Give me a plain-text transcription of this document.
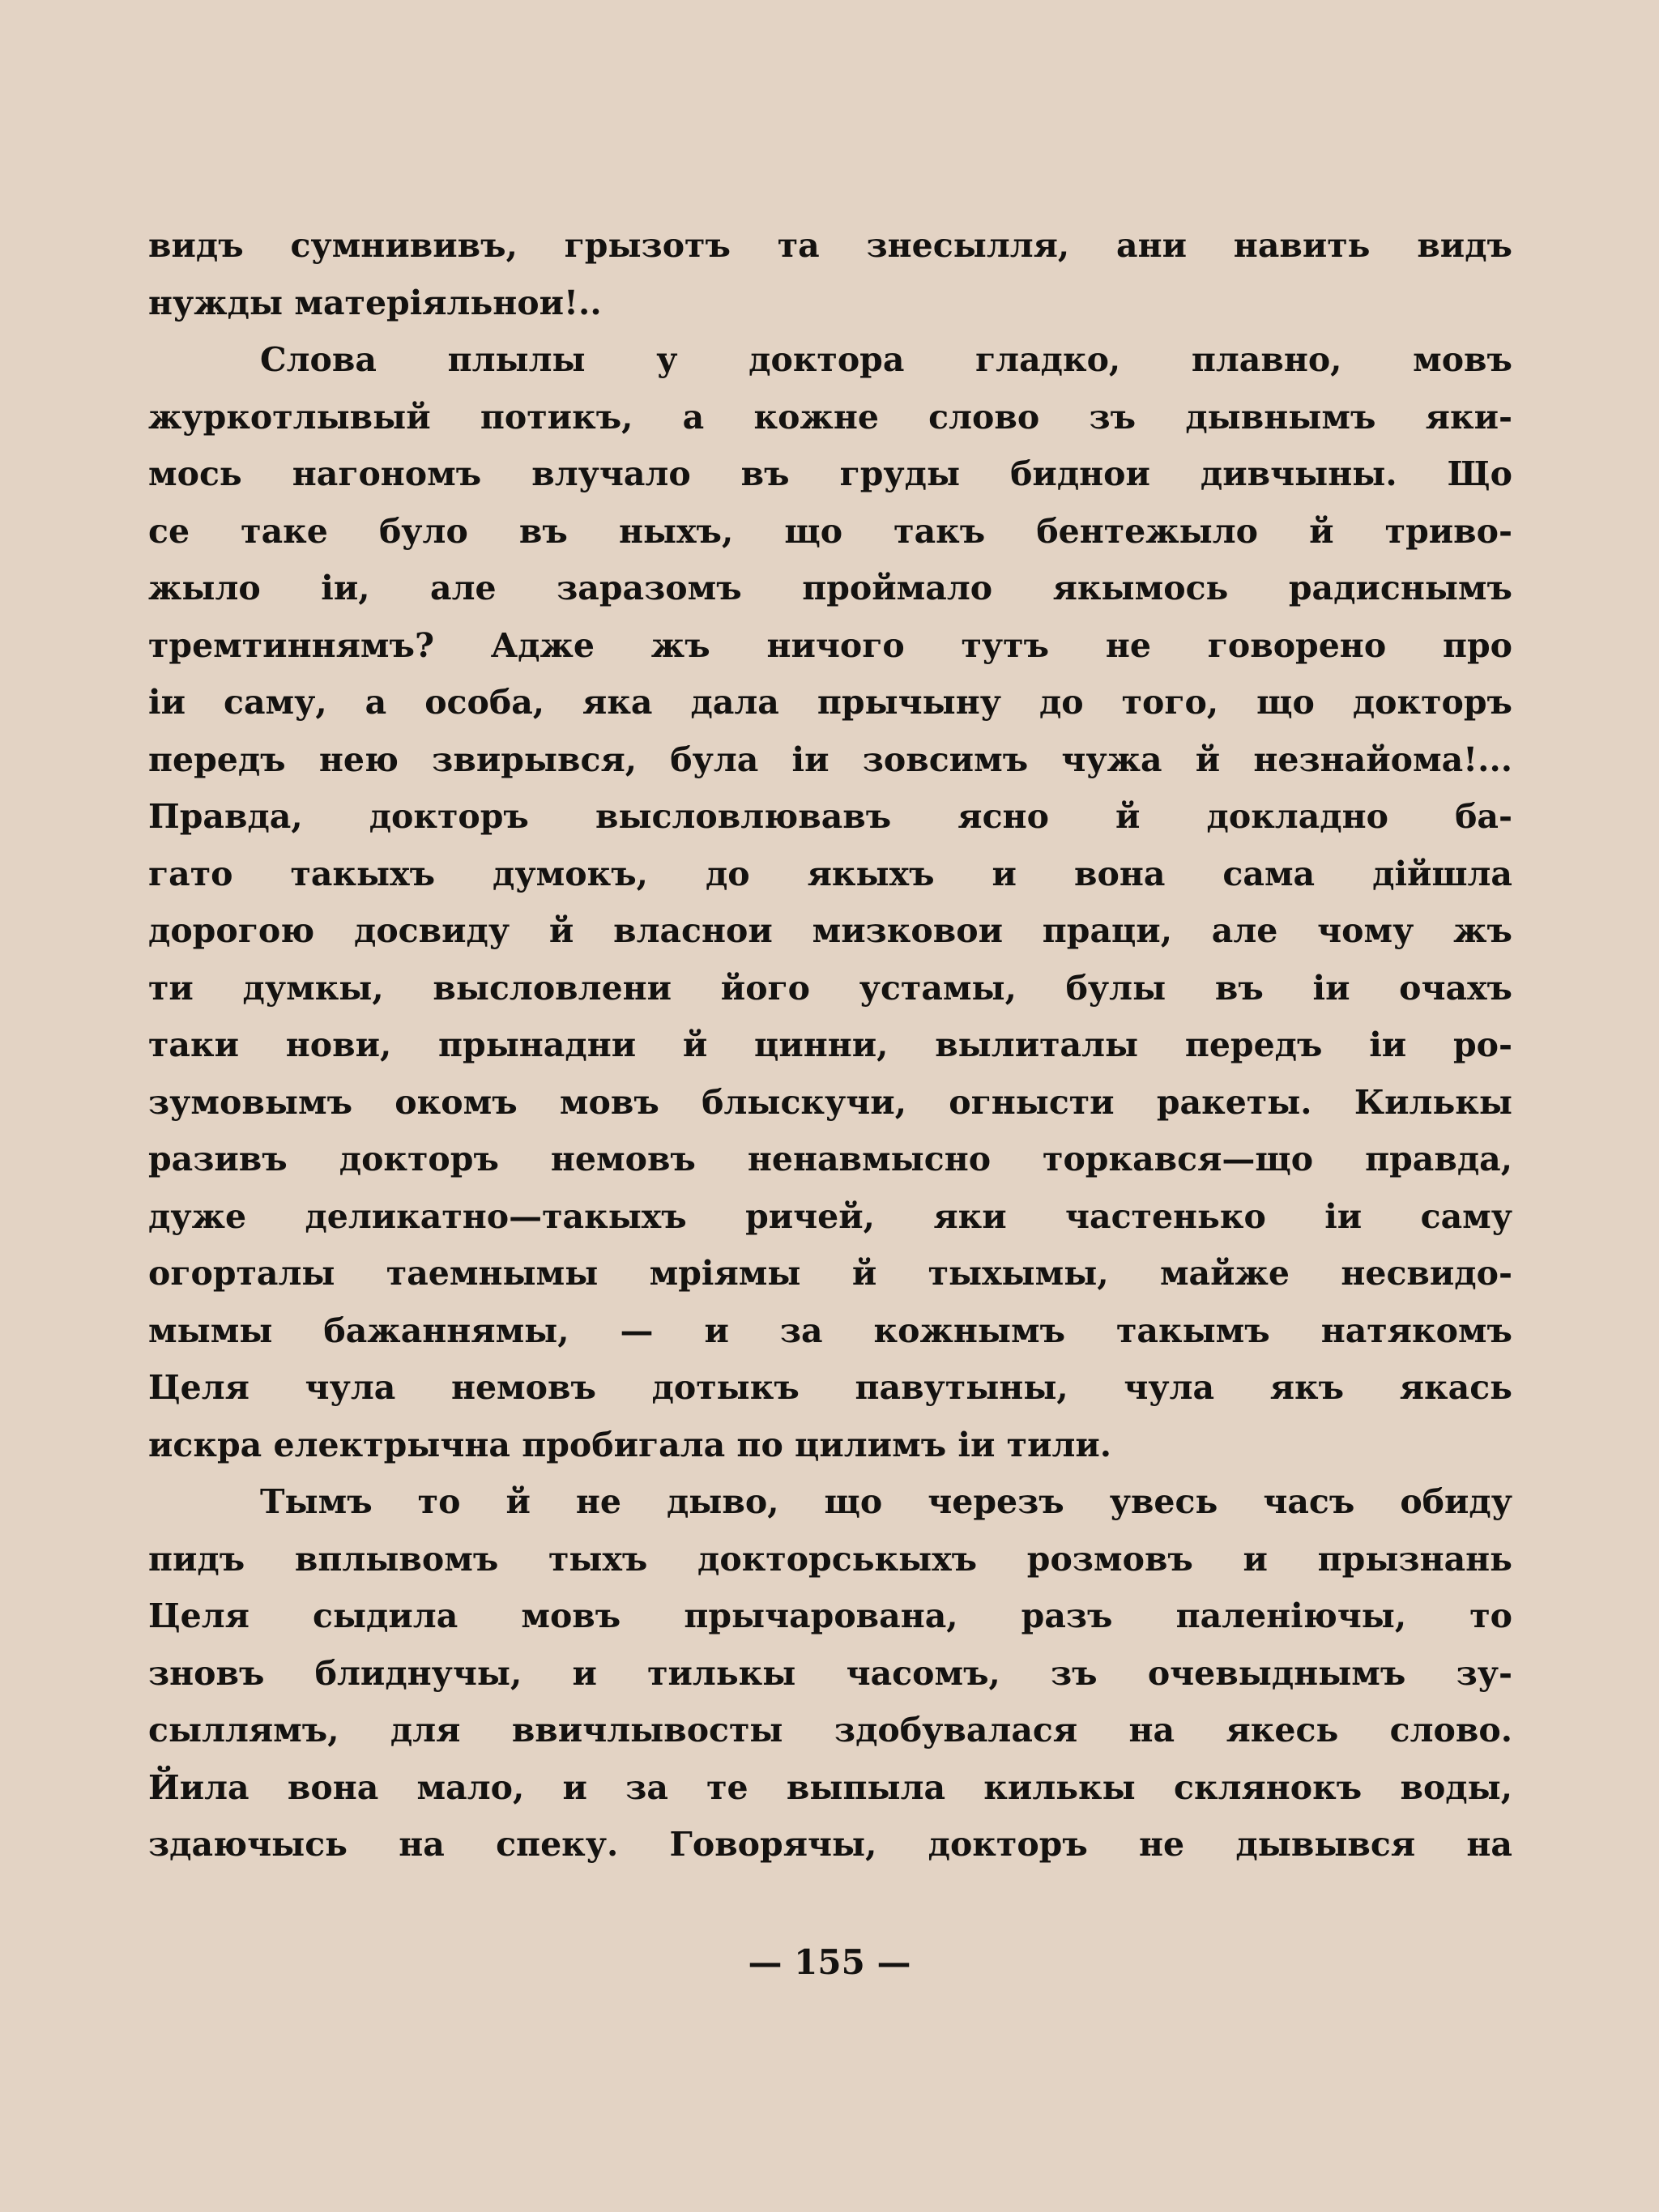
видъ сумнививъ, грызотъ та знесылля, ани навить видъ
нужды матеріяльнои!..
Слова плылы у доктора гладко, плавно, мовъ
журкотлывый потикъ, а кожне слово зъ дывнымъ яки-
мось нагономъ влучало въ груды биднои дивчыны. Що
се таке було въ ныхъ, що такъ бентежыло й триво-
жыло іи, але заразомъ проймало якымось радиснымъ
тремтиннямъ? Адже жъ ничого тутъ не говорено про
іи саму, а особа, яка дала прычыну до того, що докторъ
передъ нею звирывся, була іи зовсимъ чужа й незнайома!...
Правда, докторъ высловлювавъ ясно й докладно ба-
гато такыхъ думокъ, до якыхъ и вона сама дійшла
дорогою досвиду й власнои мизковои праци, але чому жъ
ти думкы, высловлени його устамы, булы въ іи очахъ
таки нови, прынадни й цинни, вылиталы передъ іи ро-
зумовымъ окомъ мовъ блыскучи, огнысти ракеты. Килькы
разивъ докторъ немовъ ненавмысно торкався—що правда,
дуже деликатно—такыхъ ричей, яки частенько іи саму
огорталы таемнымы мріямы й тыхымы, майже несвидо-
мымы бажаннямы, — и за кожнымъ такымъ натякомъ
Целя чула немовъ дотыкъ павутыны, чула якъ якась
искра електрычна пробигала по цилимъ іи тили.
Тымъ то й не дыво, що черезъ увесь часъ обиду
пидъ вплывомъ тыхъ докторськыхъ розмовъ и прызнань
Целя сыдила мовъ прычарована, разъ паленіючы, то
зновъ блиднучы, и тилькы часомъ, зъ очевыднымъ зу-
сыллямъ, для ввичлывосты здобувалася на якесь слово.
Йила вона мало, и за те выпыла килькы склянокъ воды,
здаючысь на спеку. Говорячы, докторъ не дывывся на
— 155 —
